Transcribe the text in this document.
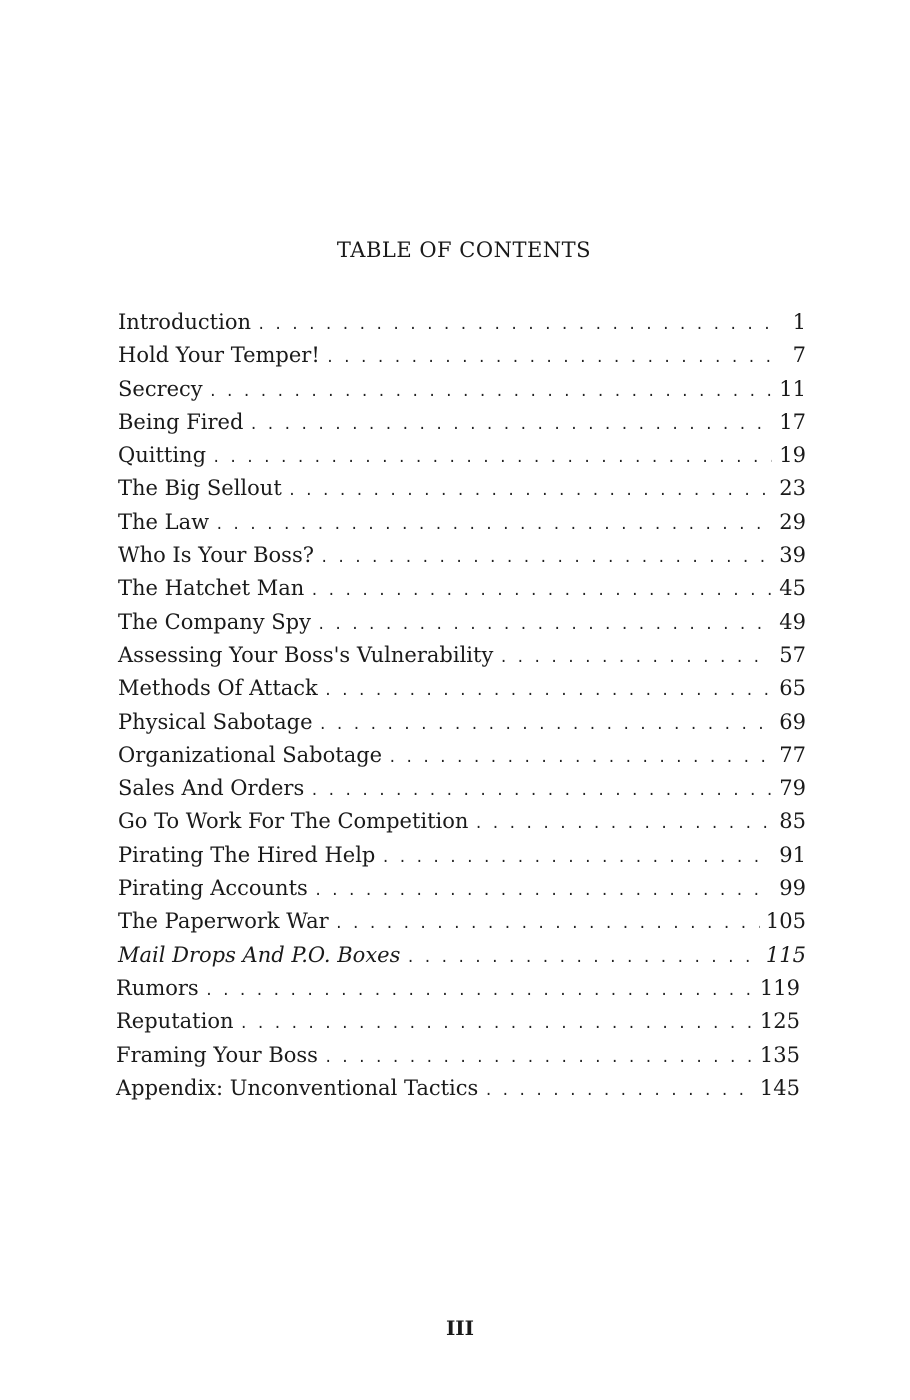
TABLE OF CONTENTS
Introduction . . .	1
Hold Your Temper! . . .	7
Secrecy . . .	11
Being Fired . . .	17
Quitting . . .	19
The Big Sellout . . .	23
The Law . . .	29
Who Is Your Boss? . . .	39
The Hatchet Man . . .	45
The Company Spy . . .	49
Assessing Your Boss's Vulnerability . . .	57
Methods Of Attack . . .	65
Physical Sabotage . . .	69
Organizational Sabotage . . .	77
Sales And Orders . . .	79
Go To Work For The Competition . . .	85
Pirating The Hired Help . . .	91
Pirating Accounts . . .	99
The Paperwork War . . .	105
Mail Drops And P.O. Boxes . . .	115
Rumors . . .	119
Reputation . . .	125
Framing Your Boss . . .	135
Appendix: Unconventional Tactics . . .	145
III
